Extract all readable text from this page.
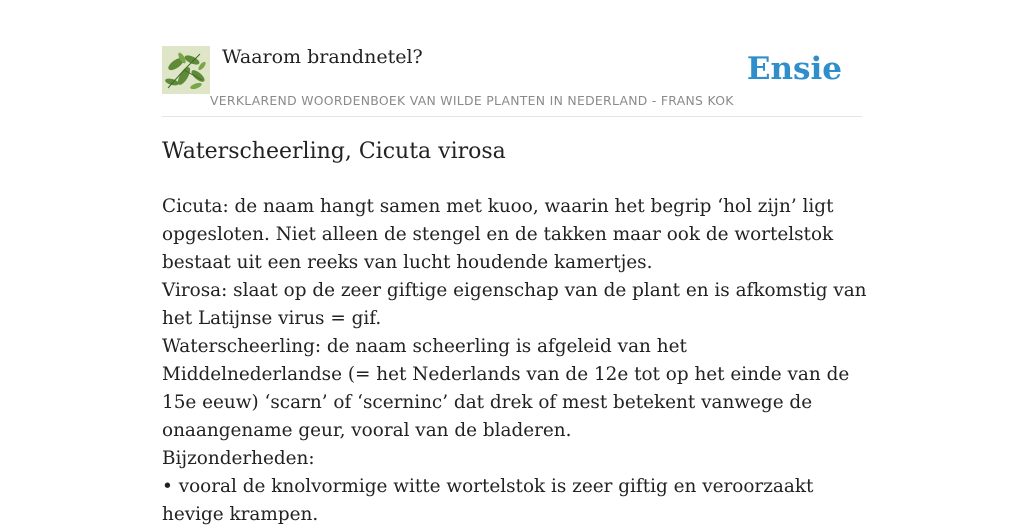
Waarom brandnetel?
VERKLAREND WOORDENBOEK VAN WILDE PLANTEN IN NEDERLAND - FRANS KOK
Ensie
Waterscheerling, Cicuta virosa

Cicuta: de naam hangt samen met kuoo, waarin het begrip ‘hol zijn’ ligt opgesloten. Niet alleen de stengel en de takken maar ook de wortelstok bestaat uit een reeks van lucht houdende kamertjes.

Virosa: slaat op de zeer giftige eigenschap van de plant en is afkomstig van het Latijnse virus = gif.

Waterscheerling: de naam scheerling is afgeleid van het Middelnederlandse (= het Nederlands van de 12e tot op het einde van de 15e eeuw) ‘scarn’ of ‘scerninc’ dat drek of mest betekent vanwege de onaangename geur, vooral van de bladeren.

Bijzonderheden:

• vooral de knolvormige witte wortelstok is zeer giftig en veroorzaakt hevige krampen.
